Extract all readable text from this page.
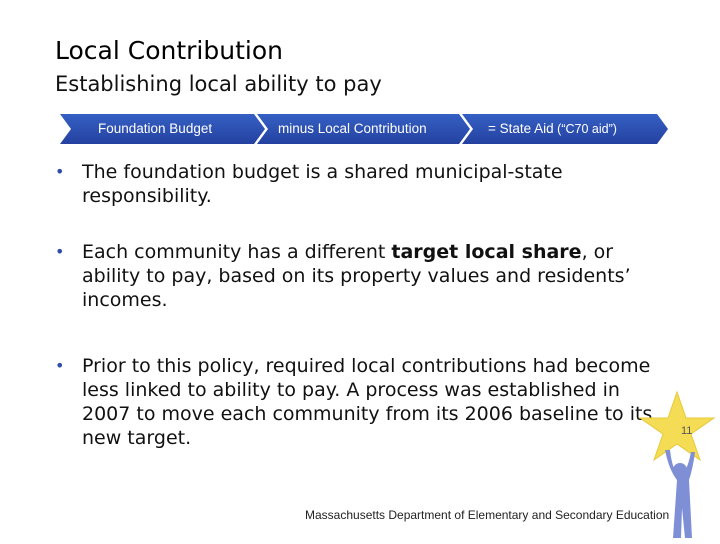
Local Contribution
Establishing local ability to pay
Foundation Budget	minus Local Contribution	= State Aid (“C70 aid”)
• The foundation budget is a shared municipal-state responsibility.
• Each community has a different target local share, or ability to pay, based on its property values and residents’ incomes.
• Prior to this policy, required local contributions had become less linked to ability to pay. A process was established in 2007 to move each community from its 2006 baseline to its new target.	11
Massachusetts Department of Elementary and Secondary Education
